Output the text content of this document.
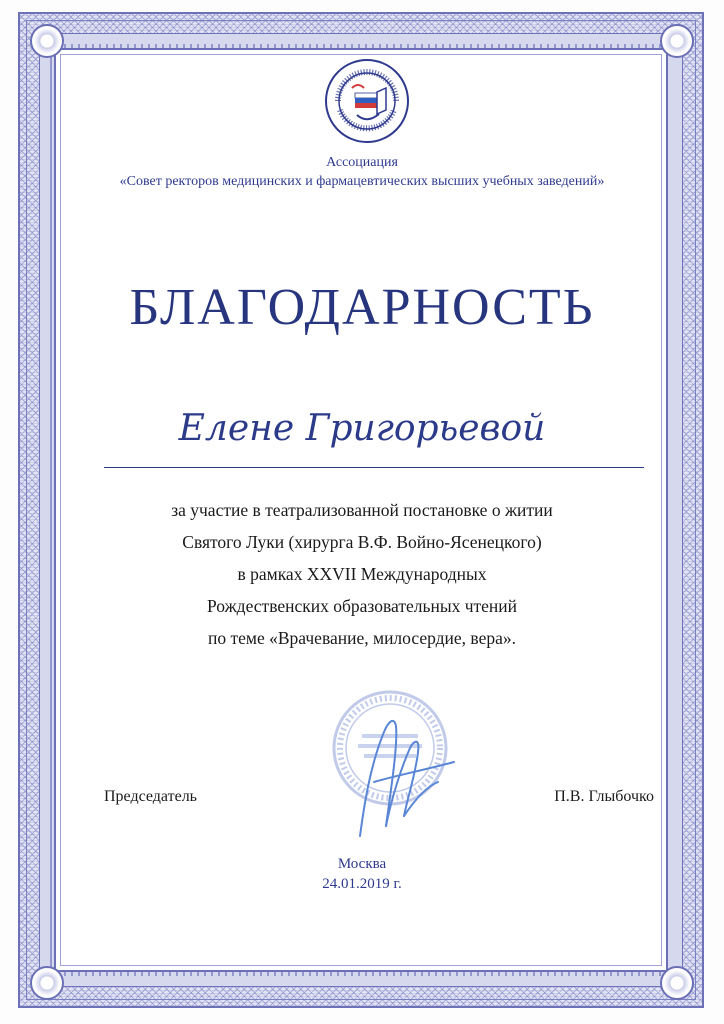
Ассоциация
«Совет ректоров медицинских и фармацевтических высших учебных заведений»
БЛАГОДАРНОСТЬ
Елене Григорьевой
за участие в театрализованной постановке о житии
Святого Луки (хирурга В.Ф. Войно-Ясенецкого)
в рамках XXVII Международных
Рождественских образовательных чтений
по теме «Врачевание, милосердие, вера».
Председатель	П.В. Глыбочко
Москва
24.01.2019 г.
